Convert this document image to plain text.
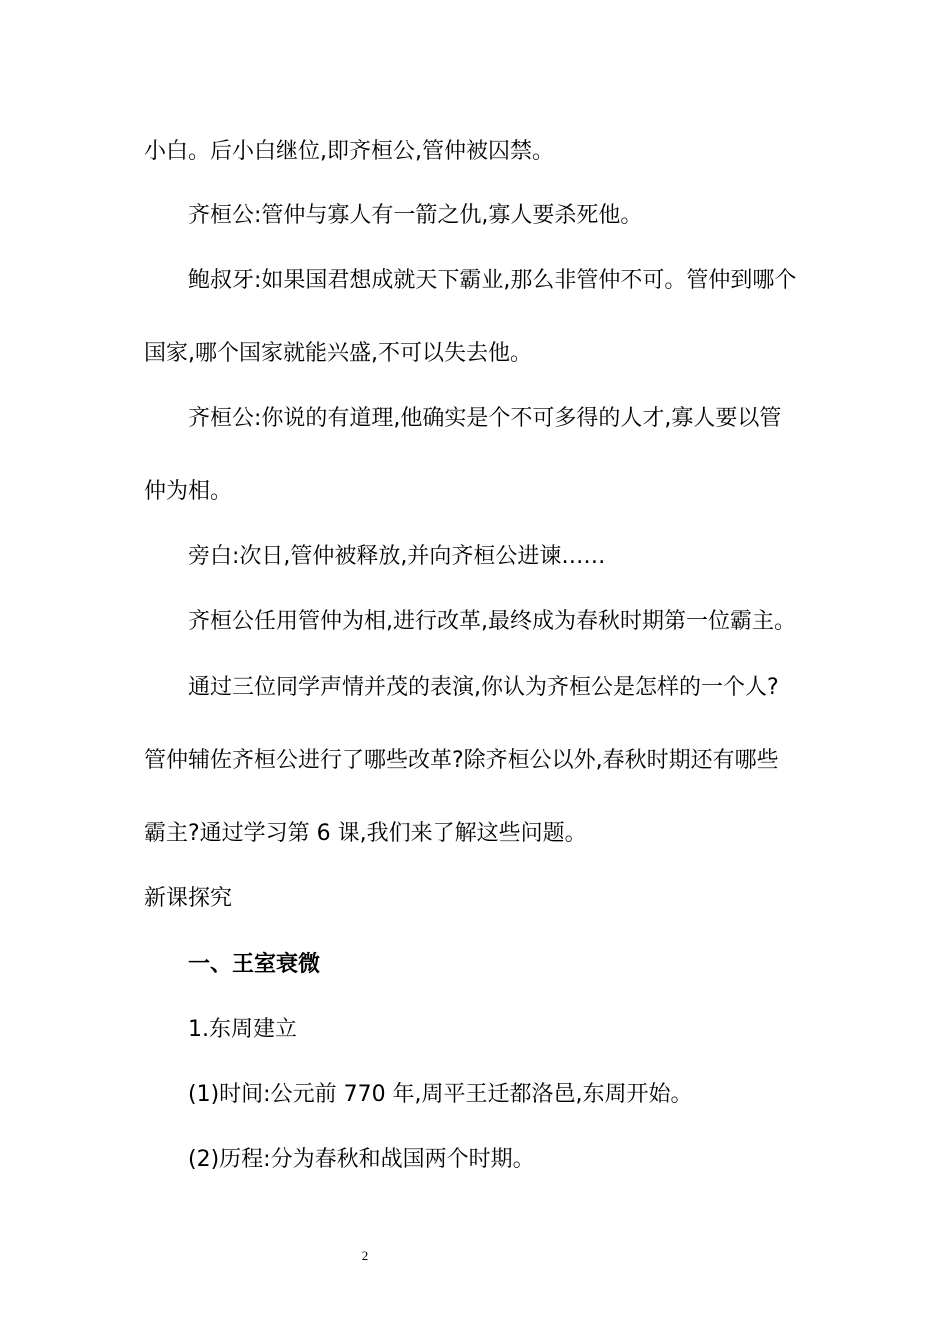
小白。后小白继位,即齐桓公,管仲被囚禁。
齐桓公:管仲与寡人有一箭之仇,寡人要杀死他。
鲍叔牙:如果国君想成就天下霸业,那么非管仲不可。管仲到哪个
国家,哪个国家就能兴盛,不可以失去他。
齐桓公:你说的有道理,他确实是个不可多得的人才,寡人要以管
仲为相。
旁白:次日,管仲被释放,并向齐桓公进谏……
齐桓公任用管仲为相,进行改革,最终成为春秋时期第一位霸主。
通过三位同学声情并茂的表演,你认为齐桓公是怎样的一个人?
管仲辅佐齐桓公进行了哪些改革?除齐桓公以外,春秋时期还有哪些
霸主?通过学习第 6 课,我们来了解这些问题。
新课探究
一、王室衰微
1.东周建立
(1)时间:公元前 770 年,周平王迁都洛邑,东周开始。
(2)历程:分为春秋和战国两个时期。
2
